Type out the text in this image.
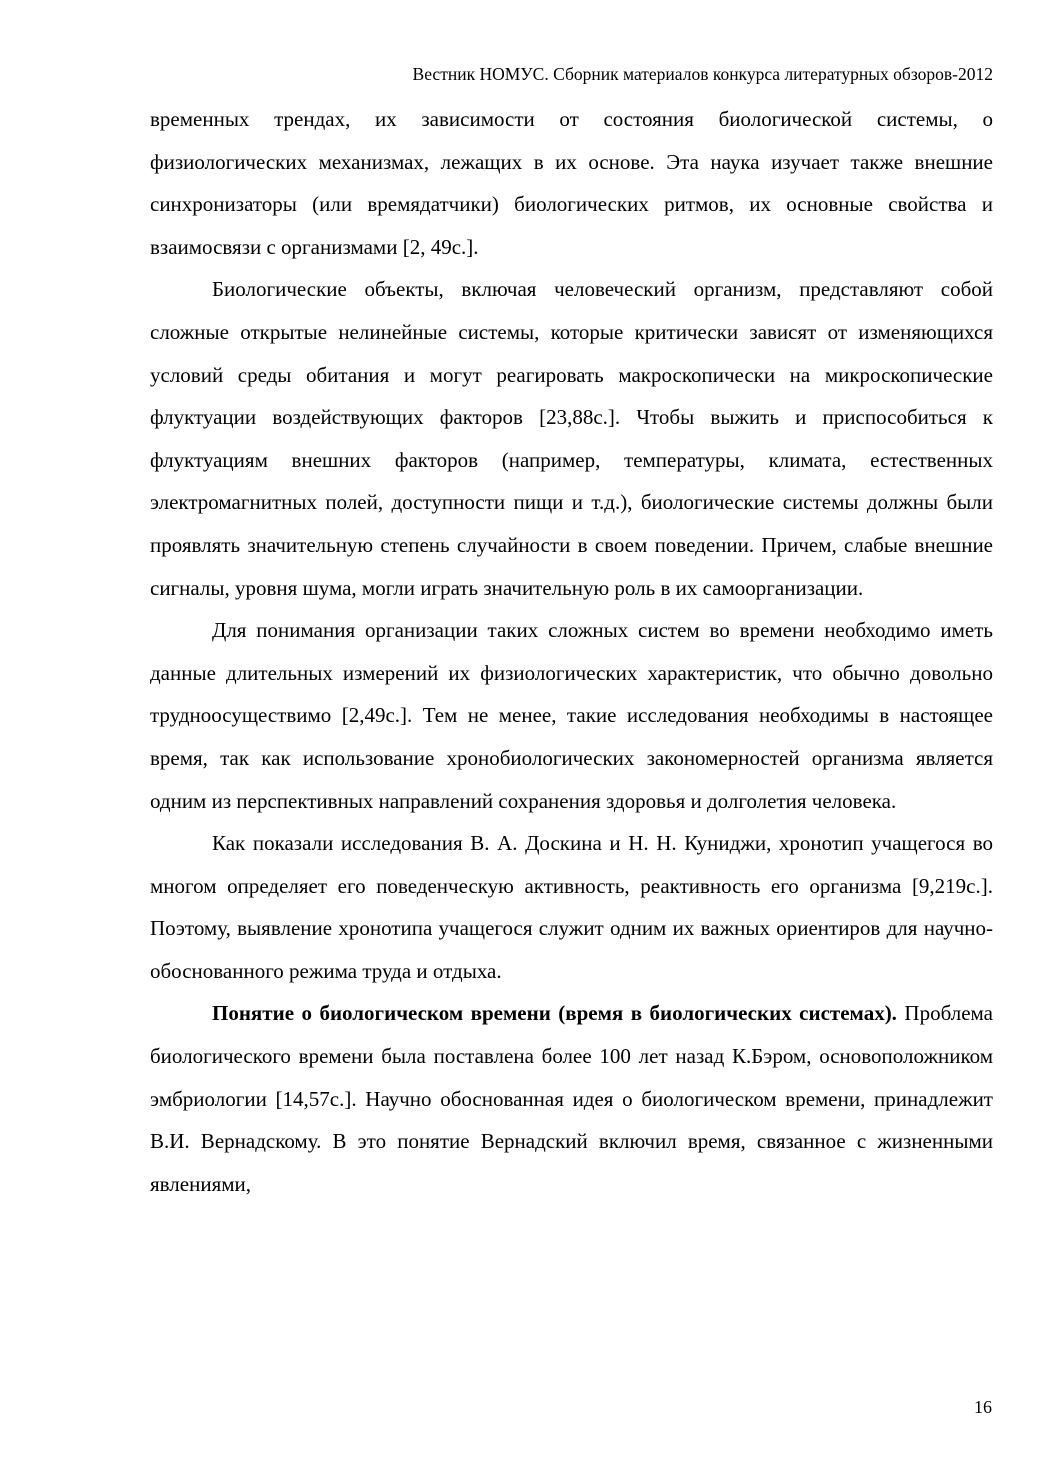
Вестник НОМУС. Сборник материалов конкурса литературных обзоров-2012

временных трендах, их зависимости от состояния биологической системы, о физиологических механизмах, лежащих в их основе. Эта наука изучает также внешние синхронизаторы (или времядатчики) биологических ритмов, их основные свойства и взаимосвязи с организмами [2, 49с.].

Биологические объекты, включая человеческий организм, представляют собой сложные открытые нелинейные системы, которые критически зависят от изменяющихся условий среды обитания и могут реагировать макроскопически на микроскопические флуктуации воздействующих факторов [23,88с.]. Чтобы выжить и приспособиться к флуктуациям внешних факторов (например, температуры, климата, естественных электромагнитных полей, доступности пищи и т.д.), биологические системы должны были проявлять значительную степень случайности в своем поведении. Причем, слабые внешние сигналы, уровня шума, могли играть значительную роль в их самоорганизации.

Для понимания организации таких сложных систем во времени необходимо иметь данные длительных измерений их физиологических характеристик, что обычно довольно трудноосуществимо [2,49с.]. Тем не менее, такие исследования необходимы в настоящее время, так как использование хронобиологических закономерностей организма является одним из перспективных направлений сохранения здоровья и долголетия человека.

Как показали исследования В. А. Доскина и Н. Н. Куниджи, хронотип учащегося во многом определяет его поведенческую активность, реактивность его организма [9,219с.]. Поэтому, выявление хронотипа учащегося служит одним их важных ориентиров для научно-обоснованного режима труда и отдыха.

Понятие о биологическом времени (время в биологических системах). Проблема биологического времени была поставлена более 100 лет назад К.Бэром, основоположником эмбриологии [14,57с.]. Научно обоснованная идея о биологическом времени, принадлежит В.И. Вернадскому. В это понятие Вернадский включил время, связанное с жизненными явлениями,

16
